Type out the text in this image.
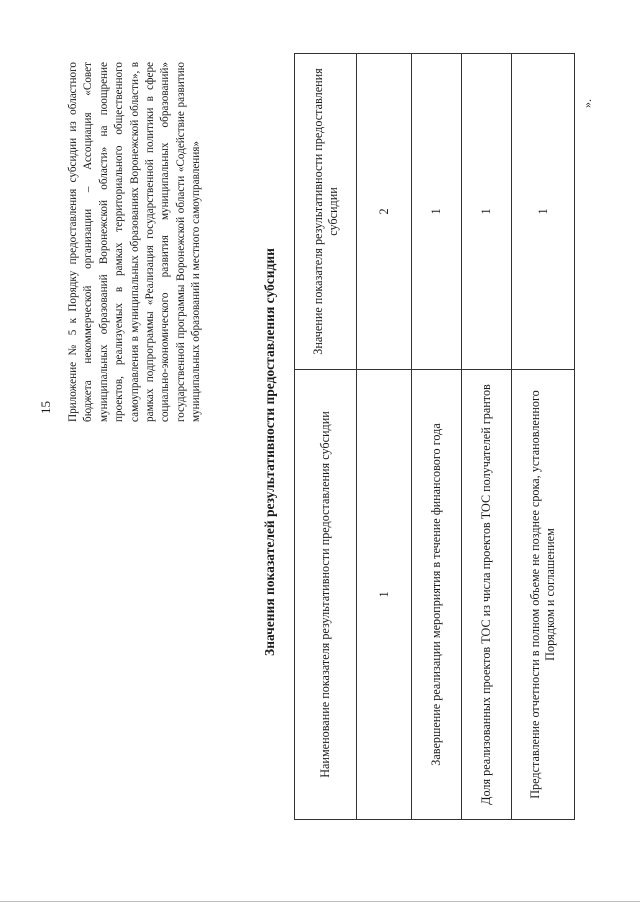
15 Приложение № 5 к Порядку предоставления субсидии из областного бюджета некоммерческой организации – Ассоциация «Совет муниципальных образований Воронежской области» на поощрение проектов, реализуемых в рамках территориального общественного самоуправления в муниципальных образованиях Воронежской области», в рамках подпрограммы «Реализация государственной политики в сфере социально-экономического развития муниципальных образований» государственной программы Воронежской области «Содействие развитию муниципальных образований и местного самоуправления»	Значения показателей результативности предоставления субсидии	Наименование показателя результативности предоставления субсидии	Значение показателя результативности предоставления субсидии
1	2
Завершение реализации мероприятия в течение финансового года	1
Доля реализованных проектов ТОС из числа проектов ТОС получателей грантов	1
Представление отчетности в полном объеме не позднее срока, установленного Порядком и соглашением	1
».
